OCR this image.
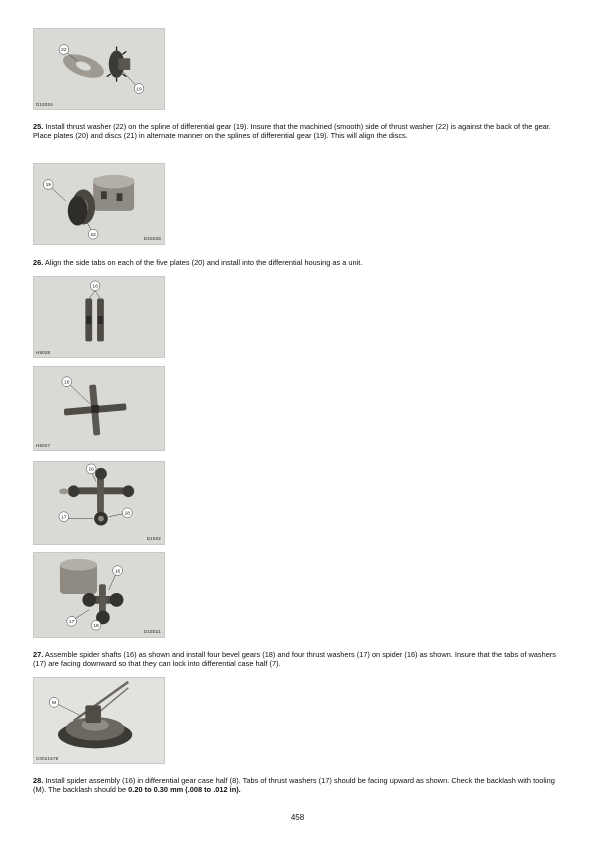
22
19
D15034
25. Install thrust washer (22) on the spline of differential gear (19). Insure that the machined (smooth) side of thrust washer (22) is against the back of the gear. Place plates (20) and discs (21) in alternate manner on the splines of differential gear (19). This will align the discs.
19
22
D15028
26. Align the side tabs on each of the five plates (20) and install into the differential housing as a unit.
16
H5028
16
H5027
16
17
18
D1502
16
17
18
D15021
27. Assemble spider shafts (16) as shown and install four bevel gears (18) and four thrust washers (17) on spider (16) as shown. Insure that the tabs of washers (17) are facing downward so that they can lock into differential case half (7).
M
C0021579
28. Install spider assembly (16) in differential gear case half (8). Tabs of thrust washers (17) should be facing upward as shown. Check the backlash with tooling (M). The backlash should be 0.20 to 0.30 mm (.008 to .012 in).
458
